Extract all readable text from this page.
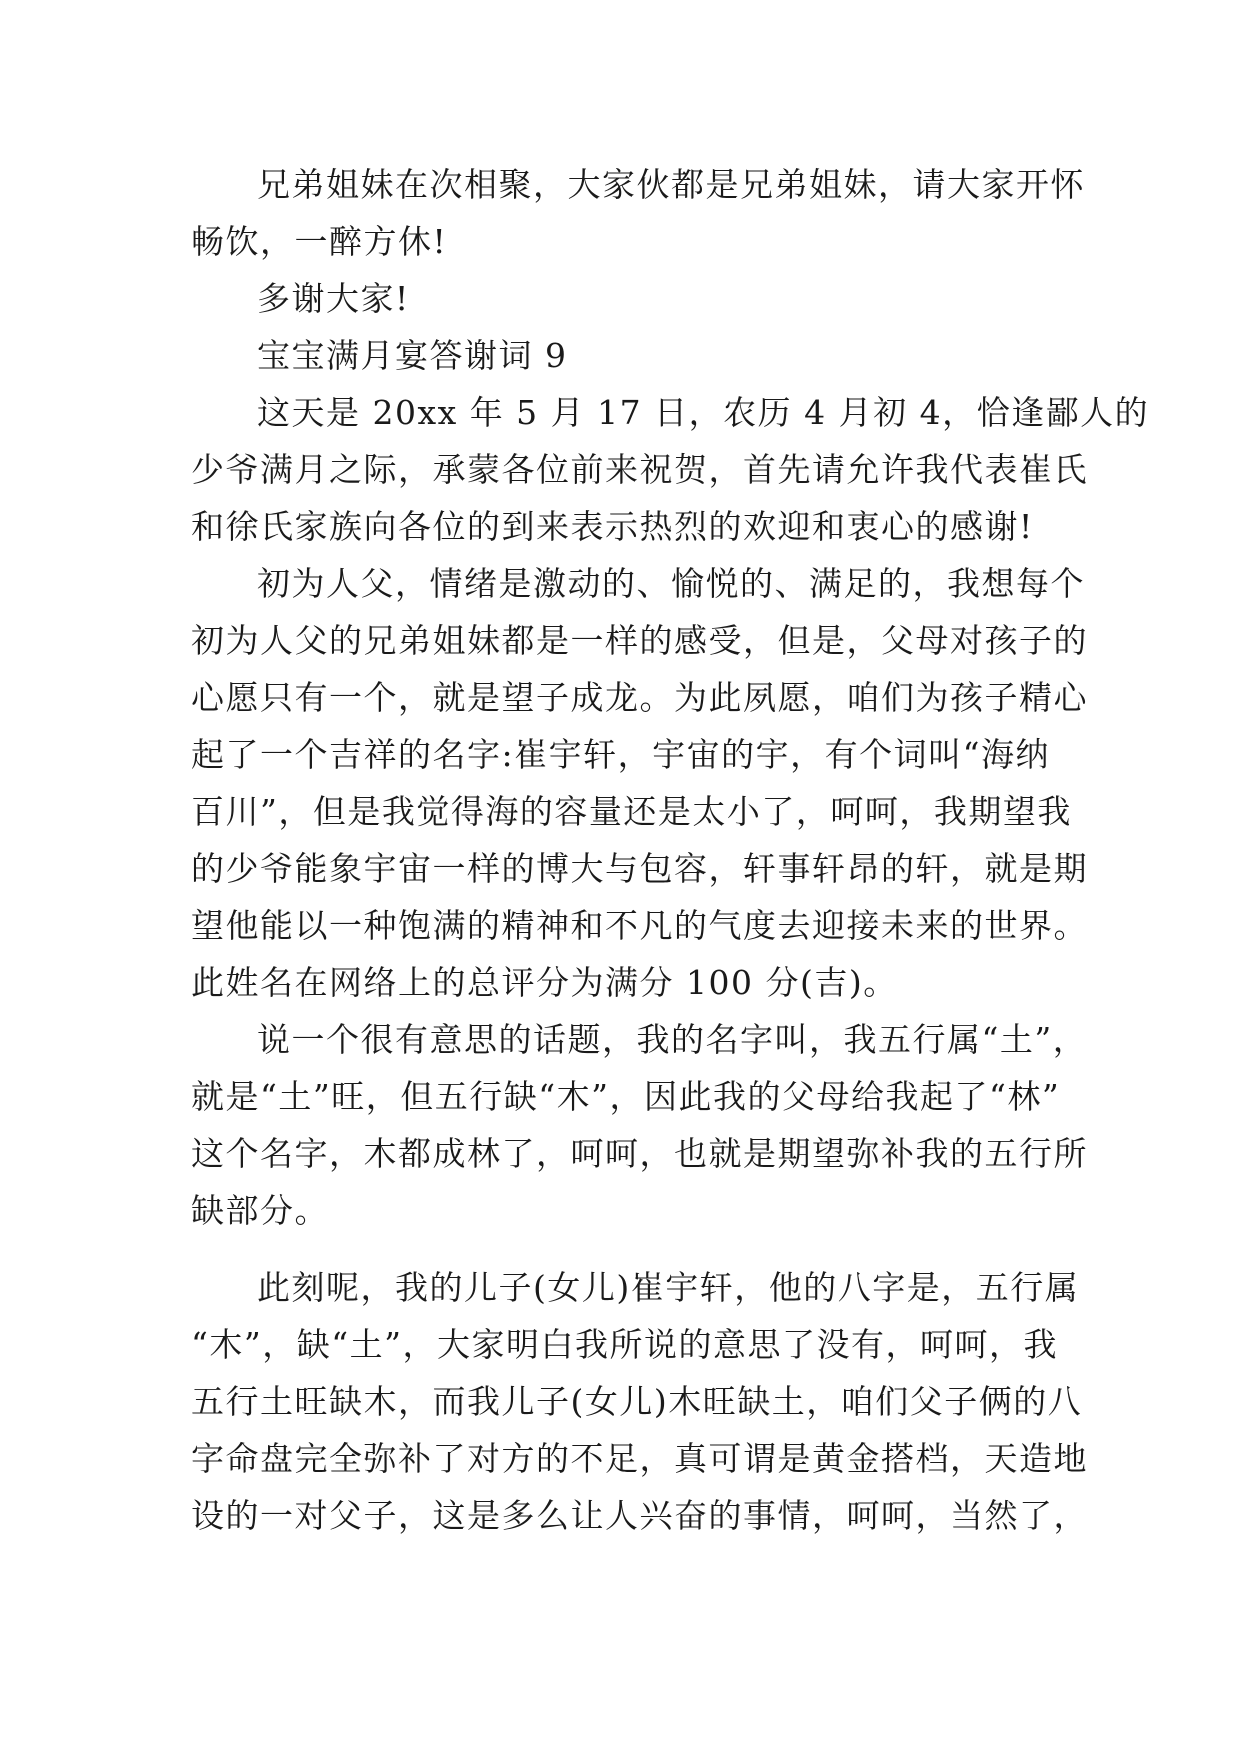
兄弟姐妹在次相聚，大家伙都是兄弟姐妹，请大家开怀
畅饮，一醉方休!
多谢大家!
宝宝满月宴答谢词 9
这天是 20xx 年 5 月 17 日，农历 4 月初 4，恰逢鄙人的
少爷满月之际，承蒙各位前来祝贺，首先请允许我代表崔氏
和徐氏家族向各位的到来表示热烈的欢迎和衷心的感谢!
初为人父，情绪是激动的、愉悦的、满足的，我想每个
初为人父的兄弟姐妹都是一样的感受，但是，父母对孩子的
心愿只有一个，就是望子成龙。为此夙愿，咱们为孩子精心
起了一个吉祥的名字:崔宇轩，宇宙的宇，有个词叫“海纳
百川”，但是我觉得海的容量还是太小了，呵呵，我期望我
的少爷能象宇宙一样的博大与包容，轩事轩昂的轩，就是期
望他能以一种饱满的精神和不凡的气度去迎接未来的世界。
此姓名在网络上的总评分为满分 100 分(吉)。
说一个很有意思的话题，我的名字叫，我五行属“土”，
就是“土”旺，但五行缺“木”，因此我的父母给我起了“林”
这个名字，木都成林了，呵呵，也就是期望弥补我的五行所
缺部分。
此刻呢，我的儿子(女儿)崔宇轩，他的八字是，五行属
“木”，缺“土”，大家明白我所说的意思了没有，呵呵，我
五行土旺缺木，而我儿子(女儿)木旺缺土，咱们父子俩的八
字命盘完全弥补了对方的不足，真可谓是黄金搭档，天造地
设的一对父子，这是多么让人兴奋的事情，呵呵，当然了，
